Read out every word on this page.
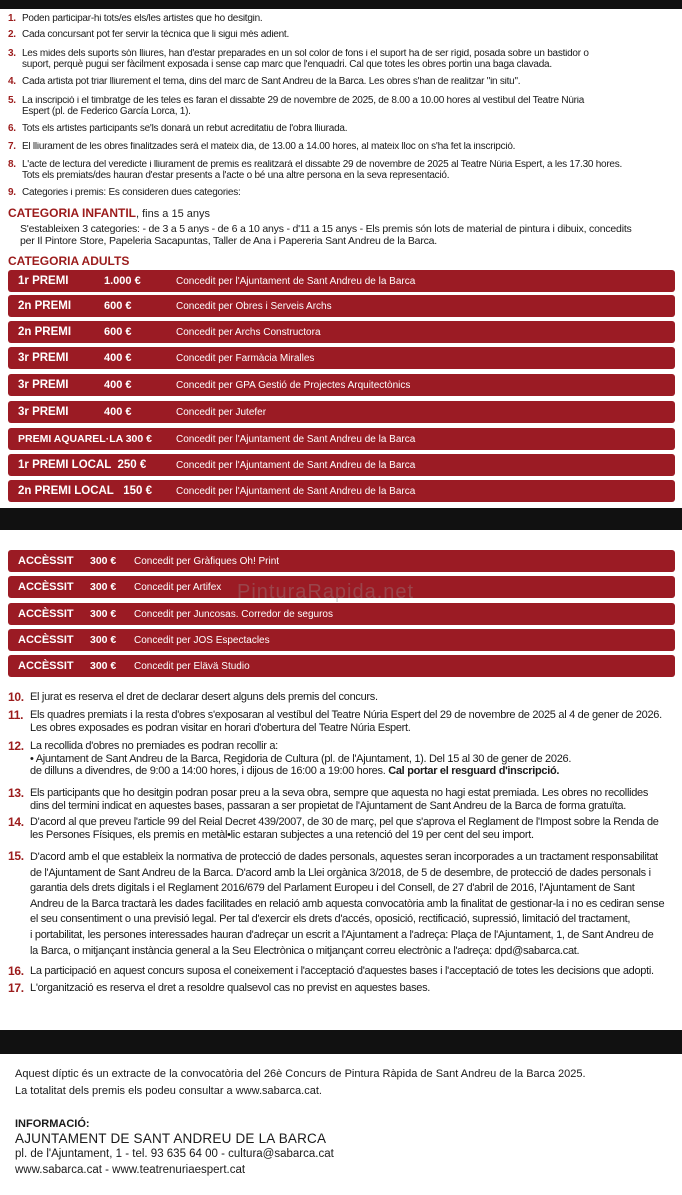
1. Poden participar-hi tots/es els/les artistes que ho desitgin.
2. Cada concursant pot fer servir la tècnica que li sigui més adient.
3. Les mides dels suports són lliures, han d'estar preparades en un sol color de fons i el suport ha de ser rígid, posada sobre un bastidor o
suport, perquè pugui ser fàcilment exposada i sense cap marc que l'enquadri. Cal que totes les obres portin una baga clavada.
4. Cada artista pot triar lliurement el tema, dins del marc de Sant Andreu de la Barca. Les obres s'han de realitzar "in situ".
5. La inscripció i el timbratge de les teles es faran el dissabte 29 de novembre de 2025, de 8.00 a 10.00 hores al vestíbul del Teatre Núria
Espert (pl. de Federico García Lorca, 1).
6. Tots els artistes participants se'ls donarà un rebut acreditatiu de l'obra lliurada.
7. El lliurament de les obres finalitzades serà el mateix dia, de 13.00 a 14.00 hores, al mateix lloc on s'ha fet la inscripció.
8. L'acte de lectura del veredicte i lliurament de premis es realitzarà el dissabte 29 de novembre de 2025 al Teatre Núria Espert, a les 17.30 hores.
Tots els premiats/des hauran d'estar presents a l'acte o bé una altre persona en la seva representació.
9. Categories i premis: Es consideren dues categories:
CATEGORIA INFANTIL, fins a 15 anys
S'estableixen 3 categories: - de 3 a 5 anys - de 6 a 10 anys - d'11 a 15 anys - Els premis són lots de material de pintura i dibuix, concedits
per Il Pintore Store, Papeleria Sacapuntas, Taller de Ana i Papereria Sant Andreu de la Barca.
CATEGORIA ADULTS
1r PREMI	1.000 €	Concedit per l'Ajuntament de Sant Andreu de la Barca
2n PREMI	600 €	Concedit per Obres i Serveis Archs
2n PREMI	600 €	Concedit per Archs Constructora
3r PREMI	400 €	Concedit per Farmàcia Miralles
3r PREMI	400 €	Concedit per GPA Gestió de Projectes Arquitectònics
3r PREMI	400 €	Concedit per Jutefer
PREMI AQUAREL·LA 300 €	Concedit per l'Ajuntament de Sant Andreu de la Barca
1r PREMI LOCAL  250 €	Concedit per l'Ajuntament de Sant Andreu de la Barca
2n PREMI LOCAL   150 €	Concedit per l'Ajuntament de Sant Andreu de la Barca
ACCÈSSIT	300 €	Concedit per Gràfiques Oh! Print
ACCÈSSIT	300 €	Concedit per Artifex
ACCÈSSIT	300 €	Concedit per Juncosas. Corredor de seguros
ACCÈSSIT	300 €	Concedit per JOS Espectacles
ACCÈSSIT	300 €	Concedit per Elävä Studio
PinturaRapida.net
10. El jurat es reserva el dret de declarar desert alguns dels premis del concurs.
11. Els quadres premiats i la resta d'obres s'exposaran al vestíbul del Teatre Núria Espert del 29 de novembre de 2025 al 4 de gener de 2026.
Les obres exposades es podran visitar en horari d'obertura del Teatre Núria Espert.
12. La recollida d'obres no premiades es podran recollir a:
• Ajuntament de Sant Andreu de la Barca, Regidoria de Cultura (pl. de l'Ajuntament, 1). Del 15 al 30 de gener de 2026.
de dilluns a divendres, de 9:00 a 14:00 hores, i dijous de 16:00 a 19:00 hores. Cal portar el resguard d'inscripció.
13. Els participants que ho desitgin podran posar preu a la seva obra, sempre que aquesta no hagi estat premiada. Les obres no recollides
dins del termini indicat en aquestes bases, passaran a ser propietat de l'Ajuntament de Sant Andreu de la Barca de forma gratuïta.
14. D'acord al que preveu l'article 99 del Reial Decret 439/2007, de 30 de març, pel que s'aprova el Reglament de l'Impost sobre la Renda de
les Persones Físiques, els premis en metàl•lic estaran subjectes a una retenció del 19 per cent del seu import.
15. D'acord amb el que estableix la normativa de protecció de dades personals, aquestes seran incorporades a un tractament responsabilitat
de l'Ajuntament de Sant Andreu de la Barca. D'acord amb la Llei orgànica 3/2018, de 5 de desembre, de protecció de dades personals i
garantia dels drets digitals i el Reglament 2016/679 del Parlament Europeu i del Consell, de 27 d'abril de 2016, l'Ajuntament de Sant
Andreu de la Barca tractarà les dades facilitades en relació amb aquesta convocatòria amb la finalitat de gestionar-la i no es cediran sense
el seu consentiment o una previsió legal. Per tal d'exercir els drets d'accés, oposició, rectificació, supressió, limitació del tractament,
i portabilitat, les persones interessades hauran d'adreçar un escrit a l'Ajuntament a l'adreça: Plaça de l'Ajuntament, 1, de Sant Andreu de
la Barca, o mitjançant instància general a la Seu Electrònica o mitjançant correu electrònic a l'adreça: dpd@sabarca.cat.
16. La participació en aquest concurs suposa el coneixement i l'acceptació d'aquestes bases i l'acceptació de totes les decisions que adopti.
17. L'organització es reserva el dret a resoldre qualsevol cas no previst en aquestes bases.
Aquest díptic és un extracte de la convocatòria del 26è Concurs de Pintura Ràpida de Sant Andreu de la Barca 2025.
La totalitat dels premis els podeu consultar a www.sabarca.cat.
INFORMACIÓ:
AJUNTAMENT DE SANT ANDREU DE LA BARCA
pl. de l'Ajuntament, 1 - tel. 93 635 64 00 - cultura@sabarca.cat
www.sabarca.cat - www.teatrenuriaespert.cat
